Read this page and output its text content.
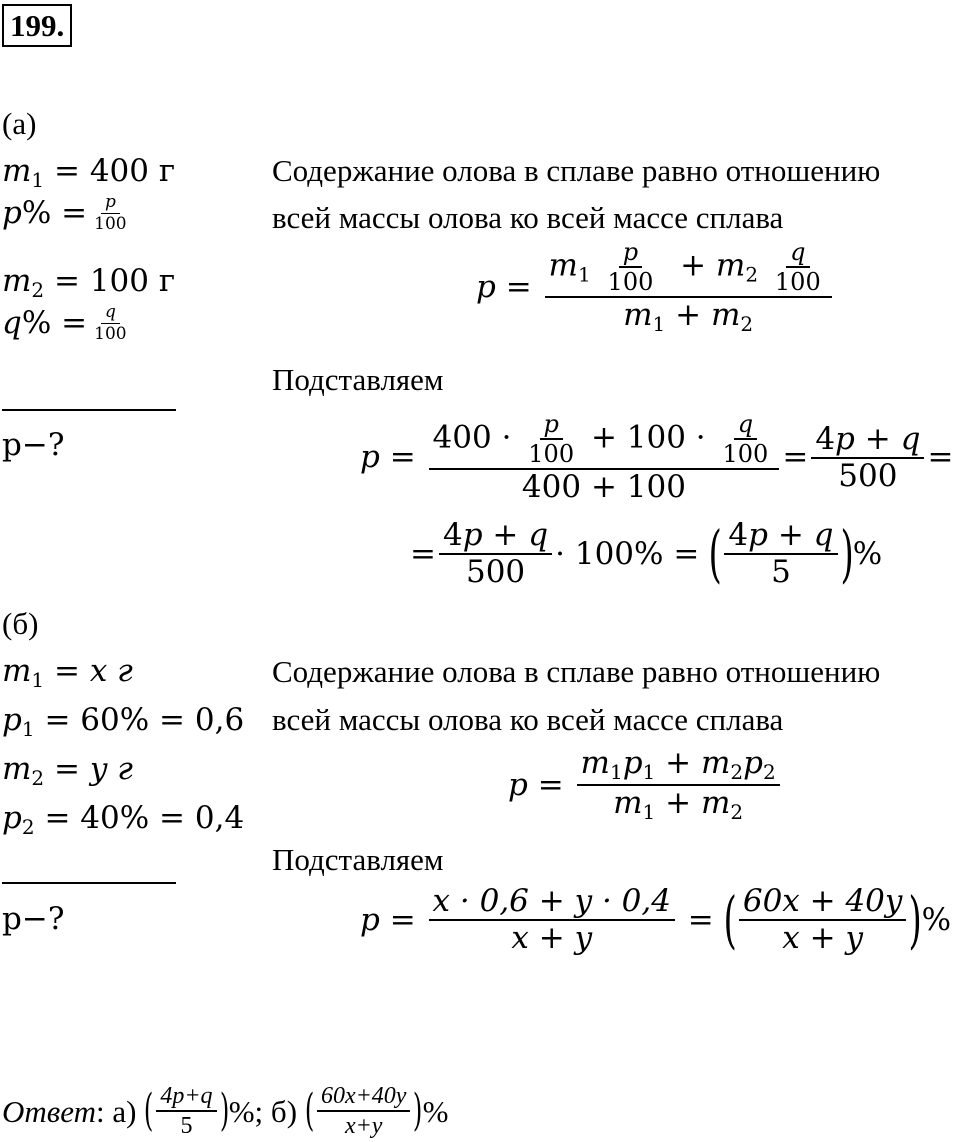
199.
(а)
$m_1 = 400$ г
p % = $\frac{p}{100}$
$m_2 = 100$ г
q % = $\frac{q}{100}$
p−?
Содержание олова в сплаве равно отношению
всей массы олова ко всей массе сплава
$p = \frac{m_1 \frac{p}{100} + m_2 \frac{q}{100}}{m_1 + m_2}$
Подставляем
$p = \frac{400 \cdot \frac{p}{100} + 100 \cdot \frac{q}{100}}{400 + 100} = \frac{4p + q}{500}$ =
= $\frac{4p + q}{500} \cdot 100\%$ = ( $\frac{4p + q}{5}$ ) %
(б)
$m_1 = x$ г
$p_1 = 60\% = 0,6$
$m_2 = y$ г
$p_2 = 40\% = 0,4$
p−?
Содержание олова в сплаве равно отношению
всей массы олова ко всей массе сплава
$p = \frac{m_1p_1 + m_2p_2}{m_1 + m_2}$
Подставляем
$p = \frac{x \cdot 0,6 + y \cdot 0,4}{x + y}$ = ( $\frac{60x + 40y}{x + y}$ ) %
Ответ :
а)
( $\frac{4p+q}{5}$ ) %;
б)
( $\frac{60x+40y}{x+y}$ ) %
